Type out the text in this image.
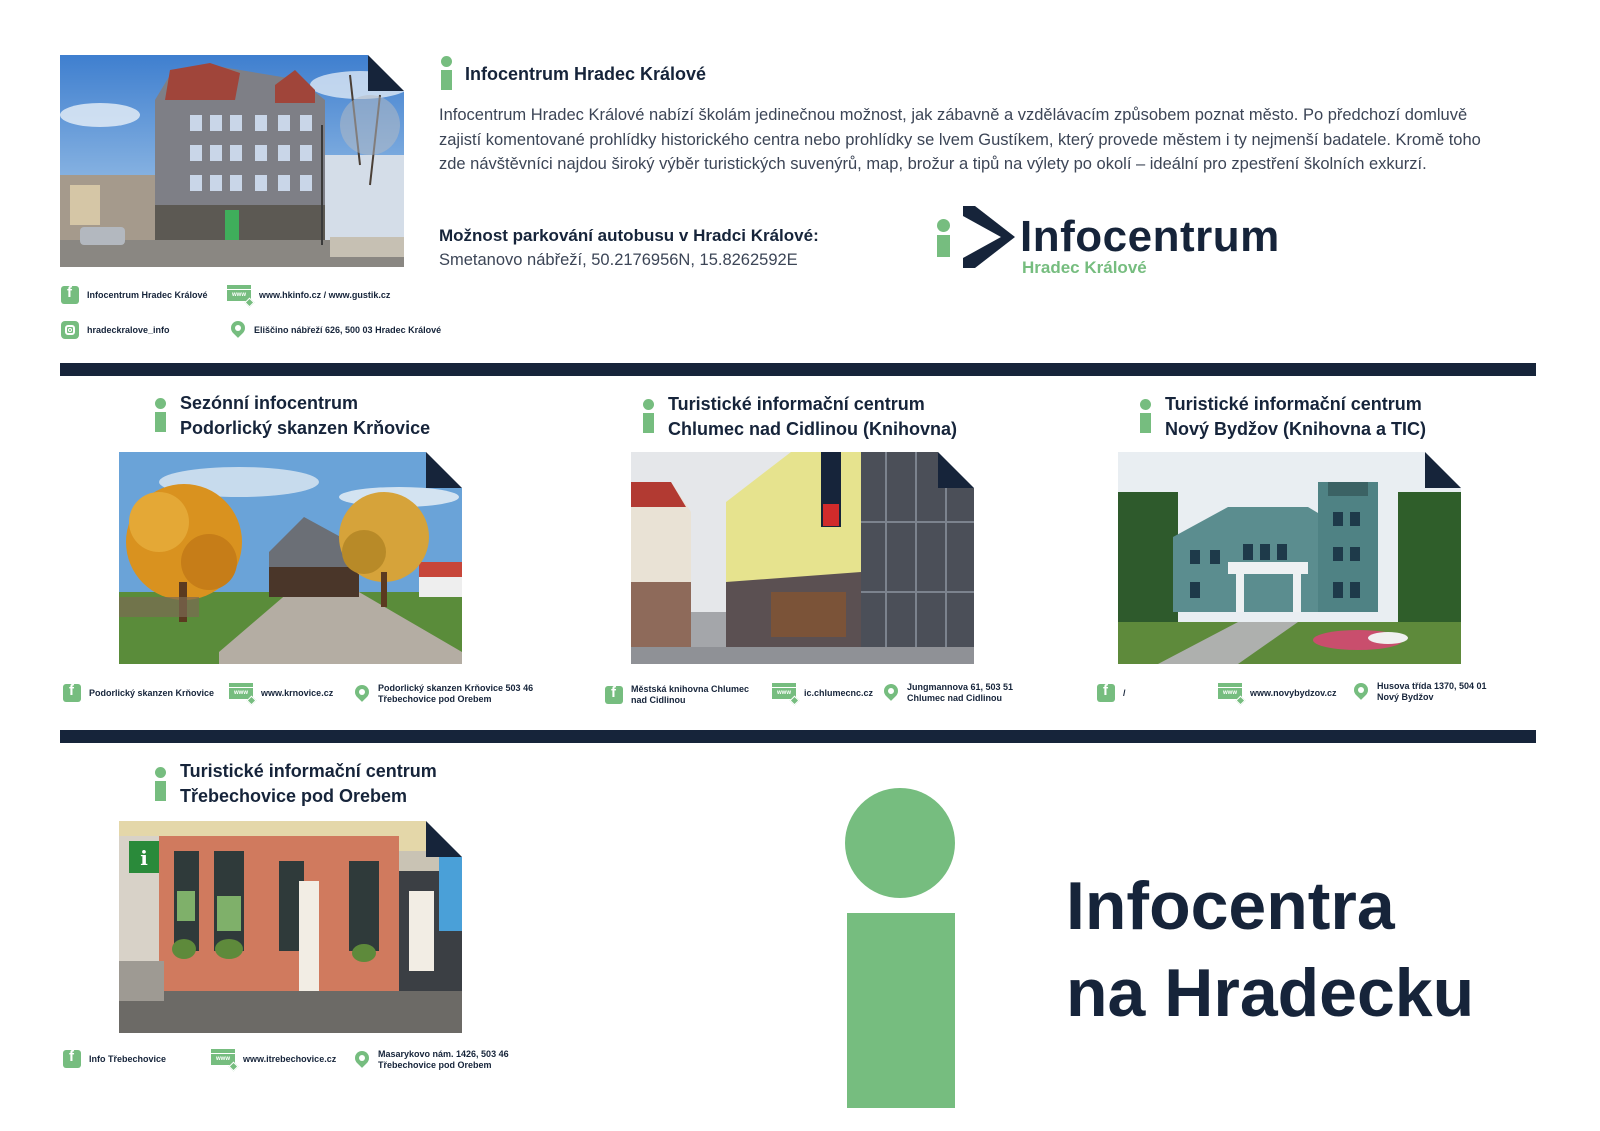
Infocentrum Hradec Králové
Infocentrum Hradec Králové nabízí školám jedinečnou možnost, jak zábavně a vzdělávacím způsobem poznat město. Po předchozí domluvě zajistí komentované prohlídky historického centra nebo prohlídky se lvem Gustíkem, který provede městem i ty nejmenší badatele. Kromě toho zde návštěvníci najdou široký výběr turistických suvenýrů, map, brožur a tipů na výlety po okolí – ideální pro zpestření školních exkurzí.
Možnost parkování autobusu v Hradci Králové:
Smetanovo nábřeží, 50.2176956N, 15.8262592E	Infocentrum
Hradec Králové
f
Infocentrum Hradec Králové	www	www.hkinfo.cz / www.gustik.cz
hradeckralove_info	Eliščino nábřeží 626, 500 03 Hradec Králové
Sezónní infocentrum
Podorlický skanzen Krňovice
f
Podorlický skanzen Krňovice	www	www.krnovice.cz	Podorlický skanzen Krňovice 503 46
Třebechovice pod Orebem
Turistické informační centrum
Chlumec nad Cidlinou (Knihovna)
f
Městská knihovna Chlumec
nad Cidlinou
www	ic.chlumecnc.cz
Jungmannova 61, 503 51
Chlumec nad Cidlinou
Turistické informační centrum
Nový Bydžov (Knihovna a TIC)
f
/	www	www.novybydzov.cz
Husova třída 1370, 504 01
Nový Bydžov
Turistické informační centrum
Třebechovice pod Orebem
i
f
Info Třebechovice	www	www.itrebechovice.cz	Masarykovo nám. 1426, 503 46
Třebechovice pod Orebem
Infocentra
na Hradecku
